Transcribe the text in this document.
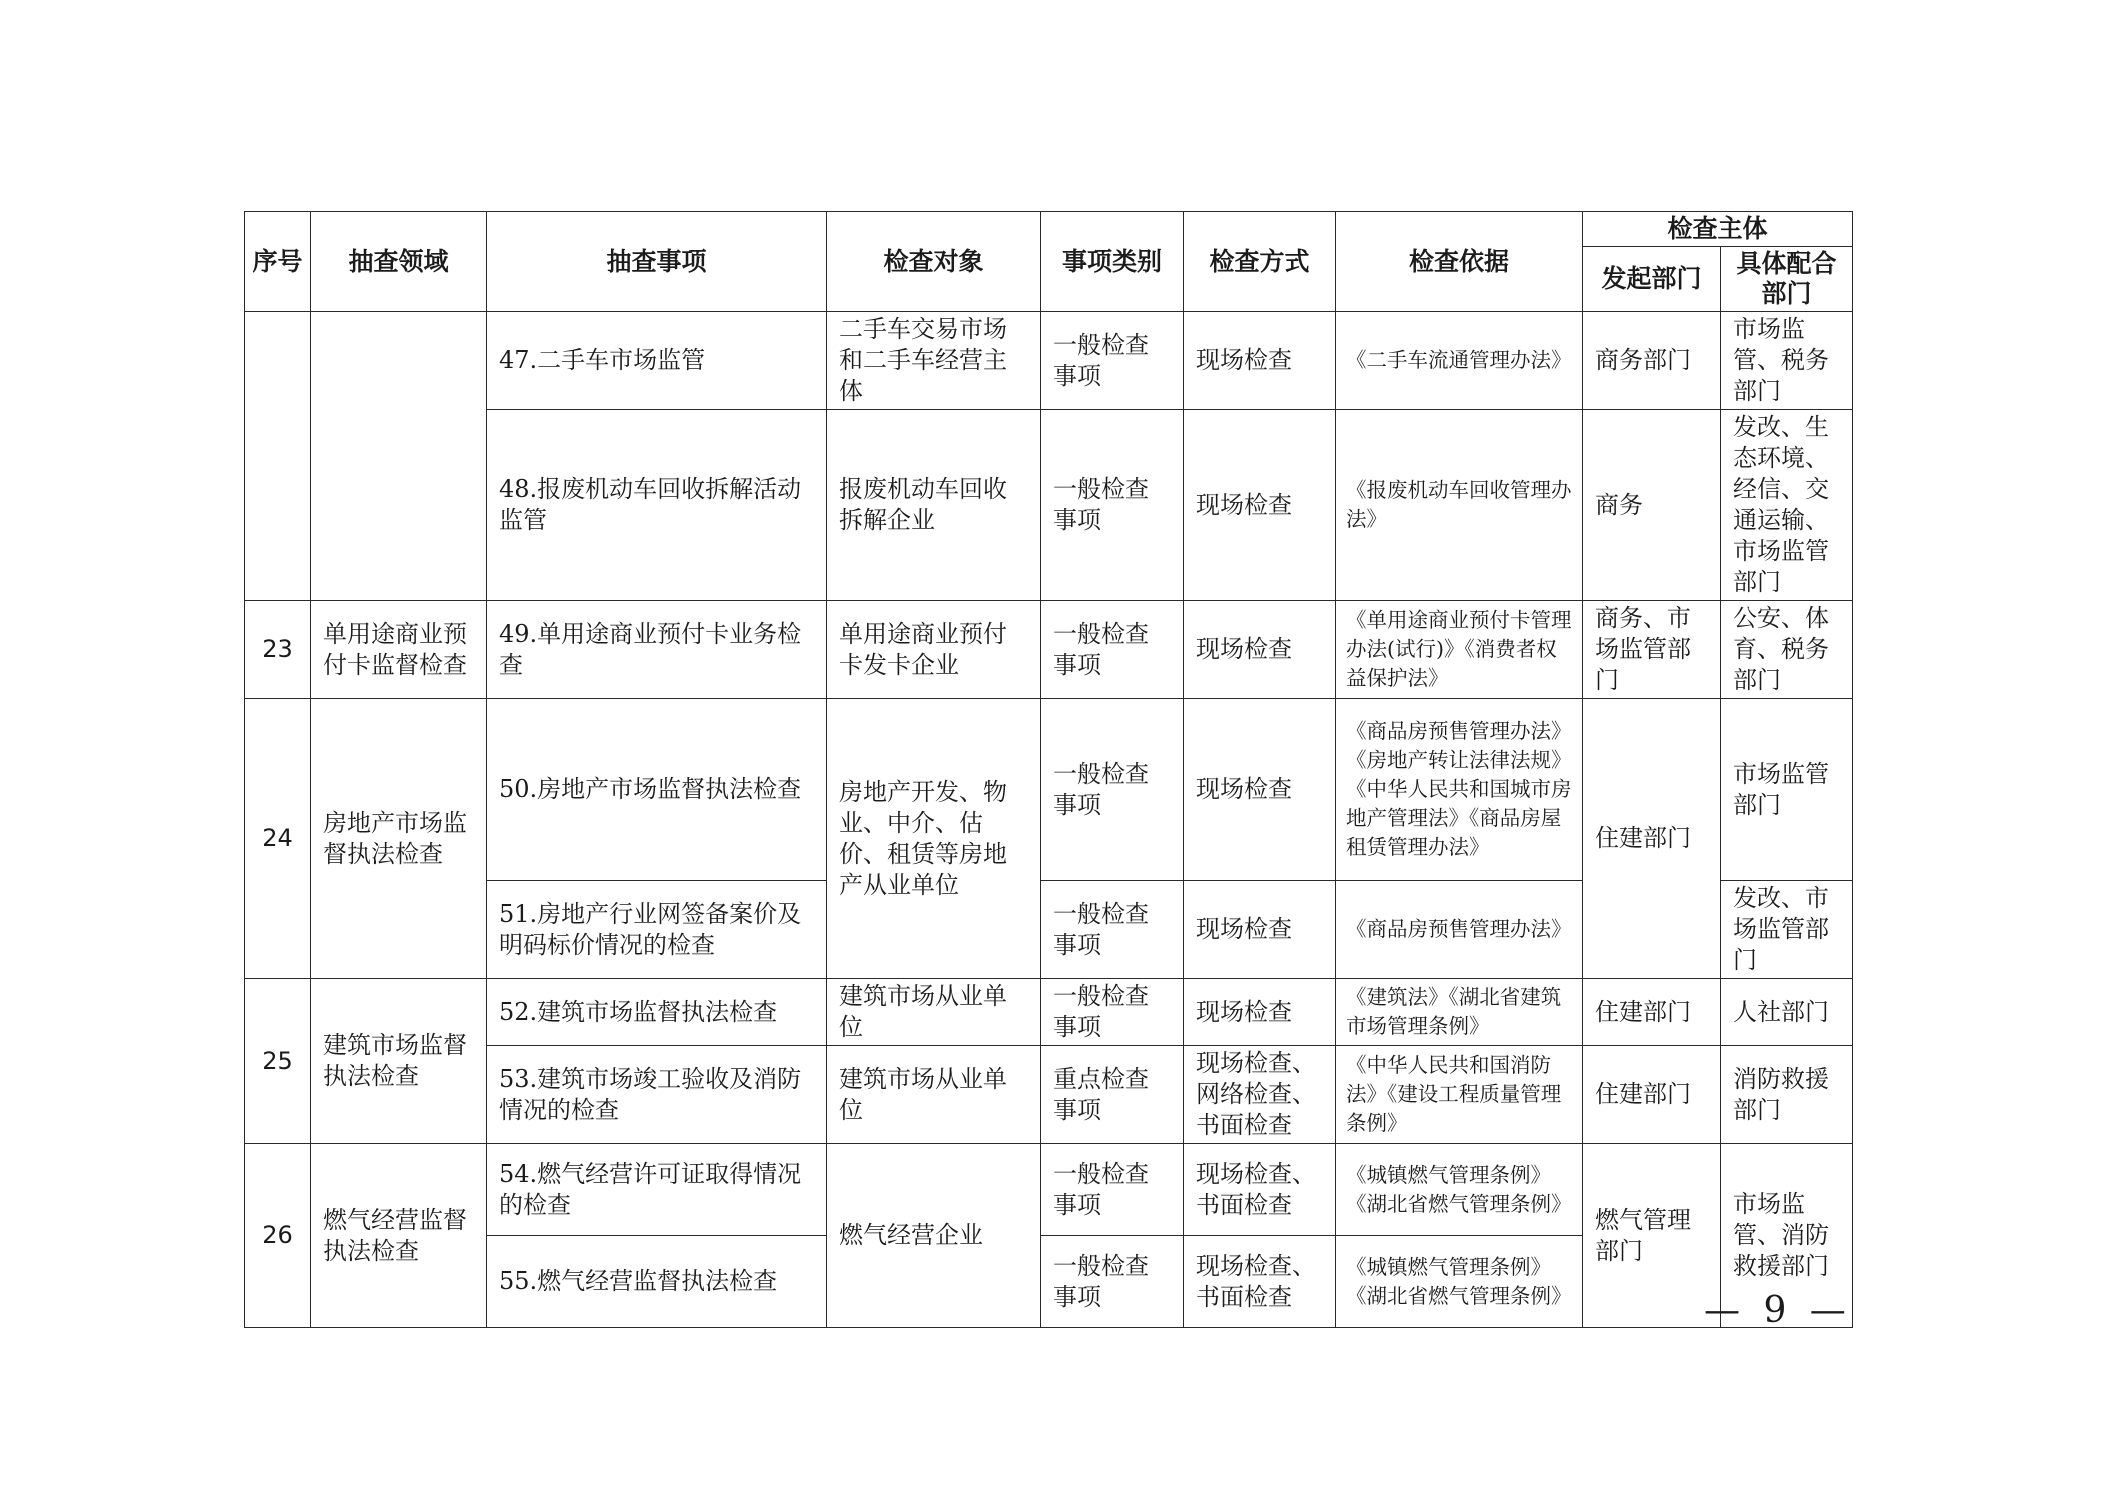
序号	抽查领域	抽查事项	检查对象	事项类别	检查方式	检查依据	检查主体	
							发起部门	具体配合部门
		47.二手车市场监管	二手车交易市场和二手车经营主体	一般检查事项	现场检查	《二手车流通管理办法》	商务部门	市场监管、税务部门
		48.报废机动车回收拆解活动监管	报废机动车回收拆解企业	一般检查事项	现场检查	《报废机动车回收管理办法》	商务	发改、生态环境、经信、交通运输、市场监管部门
23	单用途商业预付卡监督检查	49.单用途商业预付卡业务检查	单用途商业预付卡发卡企业	一般检查事项	现场检查	《单用途商业预付卡管理办法(试行)》《消费者权益保护法》	商务、市场监管部门	公安、体育、税务部门
24	房地产市场监督执法检查	50.房地产市场监督执法检查	房地产开发、物业、中介、估价、租赁等房地产从业单位	一般检查事项	现场检查	《商品房预售管理办法》《房地产转让法律法规》《中华人民共和国城市房地产管理法》《商品房屋租赁管理办法》	住建部门	市场监管部门
		51.房地产行业网签备案价及明码标价情况的检查		一般检查事项	现场检查	《商品房预售管理办法》		发改、市场监管部门
25	建筑市场监督执法检查	52.建筑市场监督执法检查	建筑市场从业单位	一般检查事项	现场检查	《建筑法》《湖北省建筑市场管理条例》	住建部门	人社部门
		53.建筑市场竣工验收及消防情况的检查	建筑市场从业单位	重点检查事项	现场检查、网络检查、书面检查	《中华人民共和国消防法》《建设工程质量管理条例》	住建部门	消防救援部门
26	燃气经营监督执法检查	54.燃气经营许可证取得情况的检查	燃气经营企业	一般检查事项	现场检查、书面检查	《城镇燃气管理条例》《湖北省燃气管理条例》	燃气管理部门	市场监管、消防救援部门
		55.燃气经营监督执法检查		一般检查事项	现场检查、书面检查	《城镇燃气管理条例》《湖北省燃气管理条例》			— 9 —
